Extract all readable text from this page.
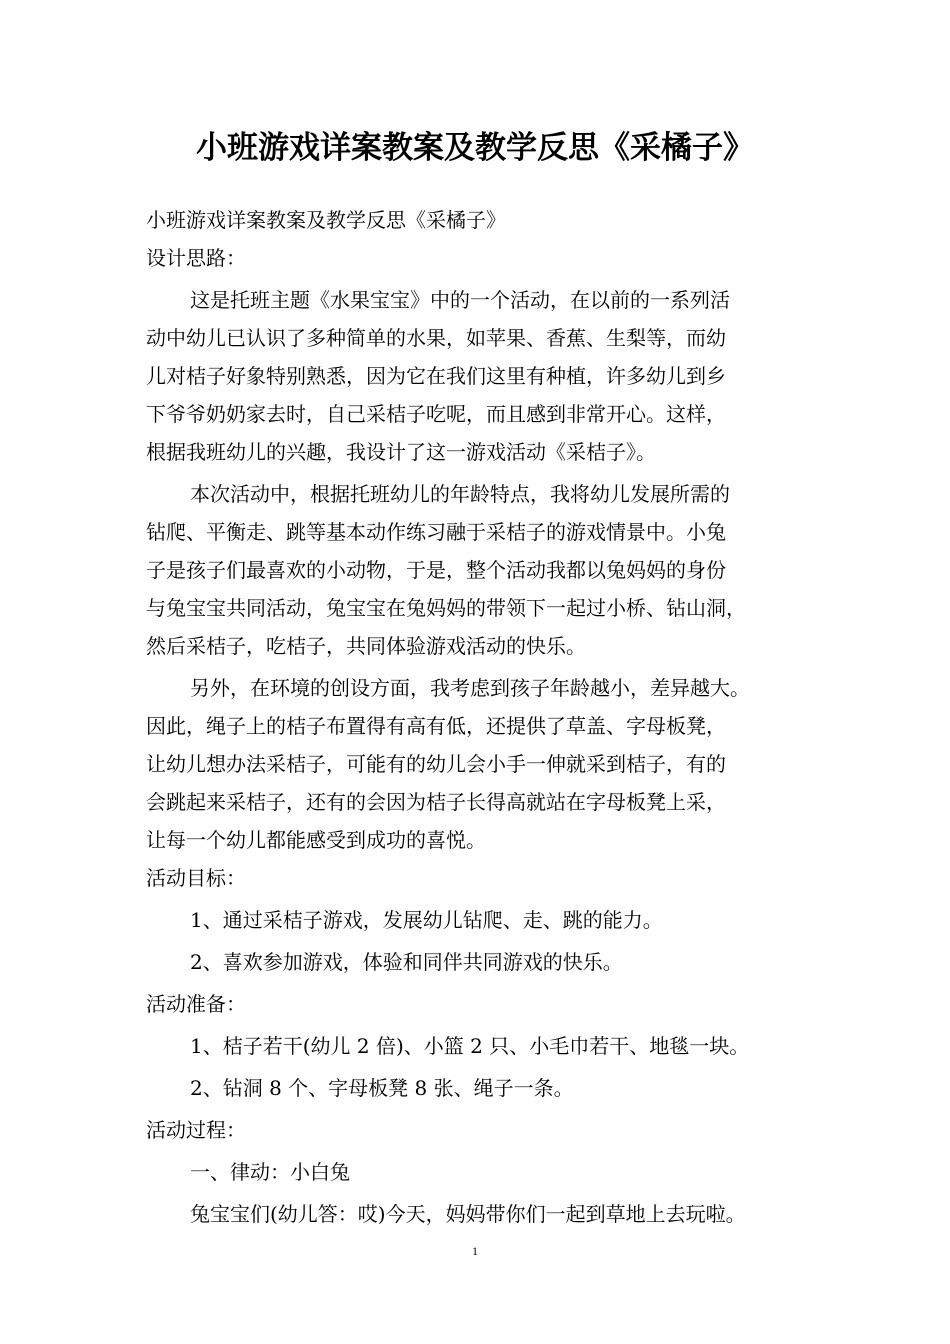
小班游戏详案教案及教学反思《采橘子》

小班游戏详案教案及教学反思《采橘子》

设计思路：

这是托班主题《水果宝宝》中的一个活动，在以前的一系列活

动中幼儿已认识了多种简单的水果，如苹果、香蕉、生梨等，而幼

儿对桔子好象特别熟悉，因为它在我们这里有种植，许多幼儿到乡

下爷爷奶奶家去时，自己采桔子吃呢，而且感到非常开心。这样，

根据我班幼儿的兴趣，我设计了这一游戏活动《采桔子》。

本次活动中，根据托班幼儿的年龄特点，我将幼儿发展所需的

钻爬、平衡走、跳等基本动作练习融于采桔子的游戏情景中。小兔

子是孩子们最喜欢的小动物，于是，整个活动我都以兔妈妈的身份

与兔宝宝共同活动，兔宝宝在兔妈妈的带领下一起过小桥、钻山洞，

然后采桔子，吃桔子，共同体验游戏活动的快乐。

另外，在环境的创设方面，我考虑到孩子年龄越小，差异越大。

因此，绳子上的桔子布置得有高有低，还提供了草盖、字母板凳，

让幼儿想办法采桔子，可能有的幼儿会小手一伸就采到桔子，有的

会跳起来采桔子，还有的会因为桔子长得高就站在字母板凳上采，

让每一个幼儿都能感受到成功的喜悦。

活动目标：

1、通过采桔子游戏，发展幼儿钻爬、走、跳的能力。

2、喜欢参加游戏，体验和同伴共同游戏的快乐。

活动准备：

1、桔子若干(幼儿 2 倍)、小篮 2 只、小毛巾若干、地毯一块。

2、钻洞 8 个、字母板凳 8 张、绳子一条。

活动过程：

一、律动：小白兔

兔宝宝们(幼儿答：哎)今天，妈妈带你们一起到草地上去玩啦。

1
